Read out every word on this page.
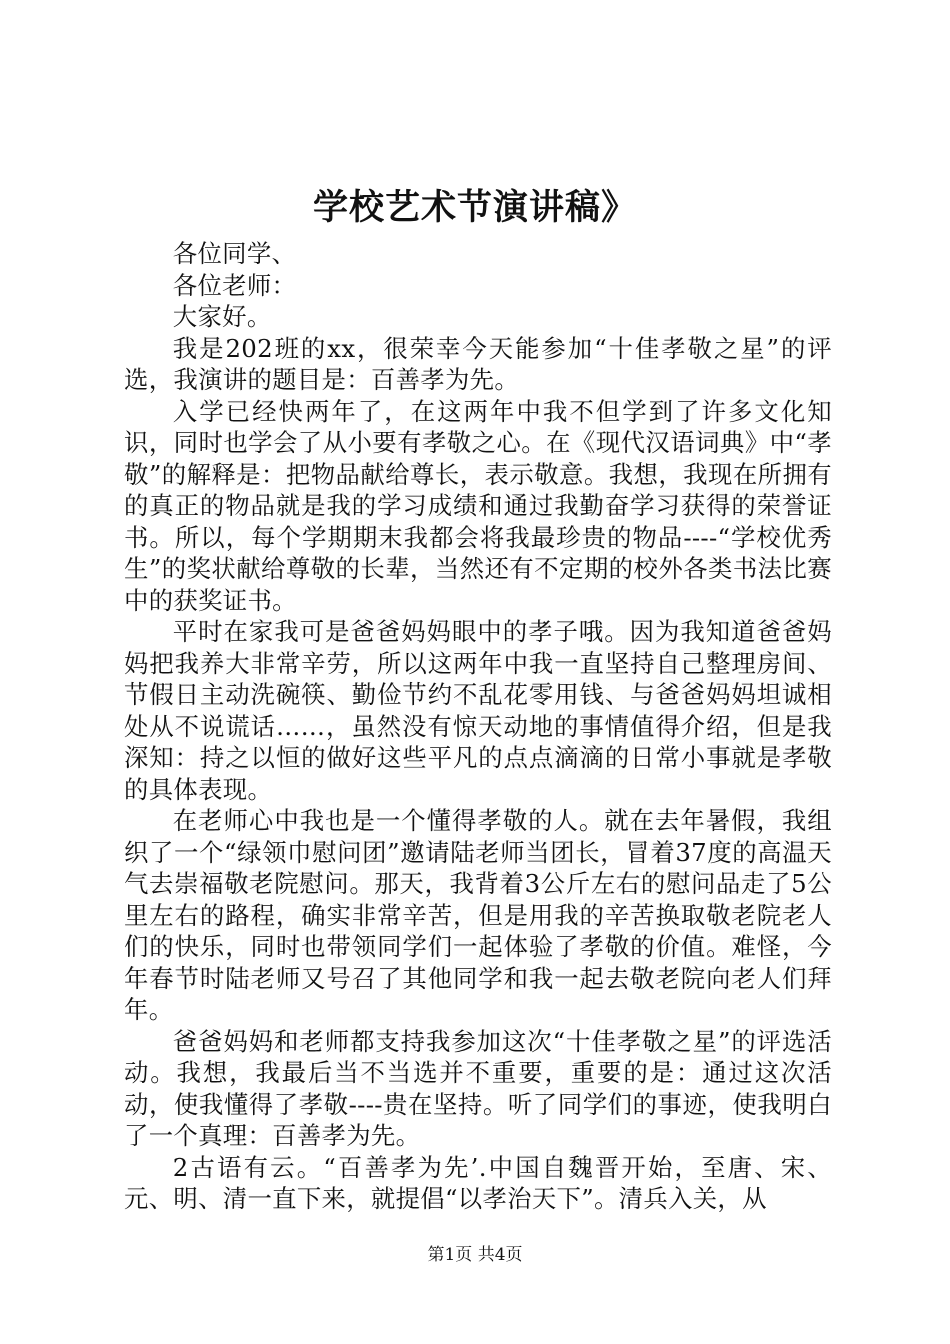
学校艺术节演讲稿》

各位同学、

各位老师：

大家好。

我是202班的xx，很荣幸今天能参加“十佳孝敬之星”的评选，我演讲的题目是：百善孝为先。

入学已经快两年了，在这两年中我不但学到了许多文化知识，同时也学会了从小要有孝敬之心。在《现代汉语词典》中“孝敬”的解释是：把物品献给尊长，表示敬意。我想，我现在所拥有的真正的物品就是我的学习成绩和通过我勤奋学习获得的荣誉证书。所以，每个学期期末我都会将我最珍贵的物品----“学校优秀生”的奖状献给尊敬的长辈，当然还有不定期的校外各类书法比赛中的获奖证书。

平时在家我可是爸爸妈妈眼中的孝子哦。因为我知道爸爸妈妈把我养大非常辛劳，所以这两年中我一直坚持自己整理房间、节假日主动洗碗筷、勤俭节约不乱花零用钱、与爸爸妈妈坦诚相处从不说谎话……，虽然没有惊天动地的事情值得介绍，但是我深知：持之以恒的做好这些平凡的点点滴滴的日常小事就是孝敬的具体表现。

在老师心中我也是一个懂得孝敬的人。就在去年暑假，我组织了一个“绿领巾慰问团”邀请陆老师当团长，冒着37度的高温天气去崇福敬老院慰问。那天，我背着3公斤左右的慰问品走了5公里左右的路程，确实非常辛苦，但是用我的辛苦换取敬老院老人们的快乐，同时也带领同学们一起体验了孝敬的价值。难怪，今年春节时陆老师又号召了其他同学和我一起去敬老院向老人们拜年。

爸爸妈妈和老师都支持我参加这次“十佳孝敬之星”的评选活动。我想，我最后当不当选并不重要，重要的是：通过这次活动，使我懂得了孝敬----贵在坚持。听了同学们的事迹，使我明白了一个真理：百善孝为先。

2古语有云。“百善孝为先’.中国自魏晋开始，至唐、宋、元、明、清一直下来，就提倡“以孝治天下”。清兵入关，从

第1页 共4页
